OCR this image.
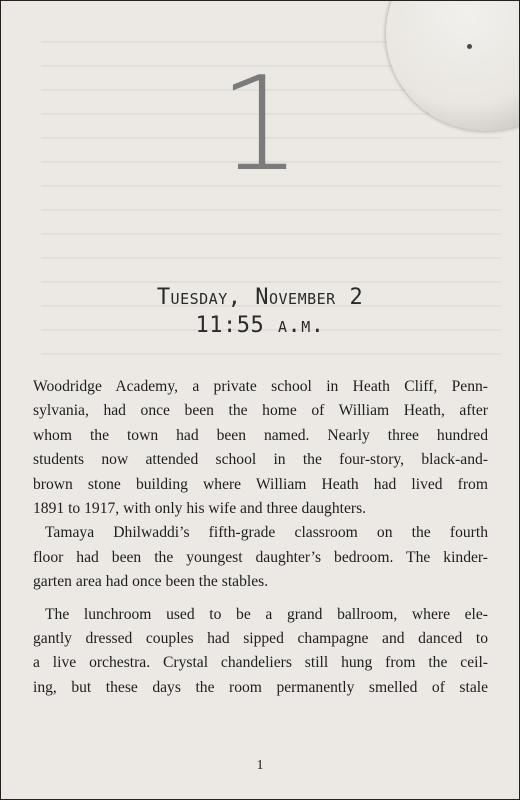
1
Tuesday, November 2
11:55 a.m.
Woodridge Academy, a private school in Heath Cliff, Penn-
sylvania, had once been the home of William Heath, after
whom the town had been named. Nearly three hundred
students now attended school in the four-story, black-and-
brown stone building where William Heath had lived from
1891 to 1917, with only his wife and three daughters.
Tamaya Dhilwaddi’s fifth-grade classroom on the fourth
floor had been the youngest daughter’s bedroom. The kinder-
garten area had once been the stables.
The lunchroom used to be a grand ballroom, where ele-
gantly dressed couples had sipped champagne and danced to
a live orchestra. Crystal chandeliers still hung from the ceil-
ing, but these days the room permanently smelled of stale
1
